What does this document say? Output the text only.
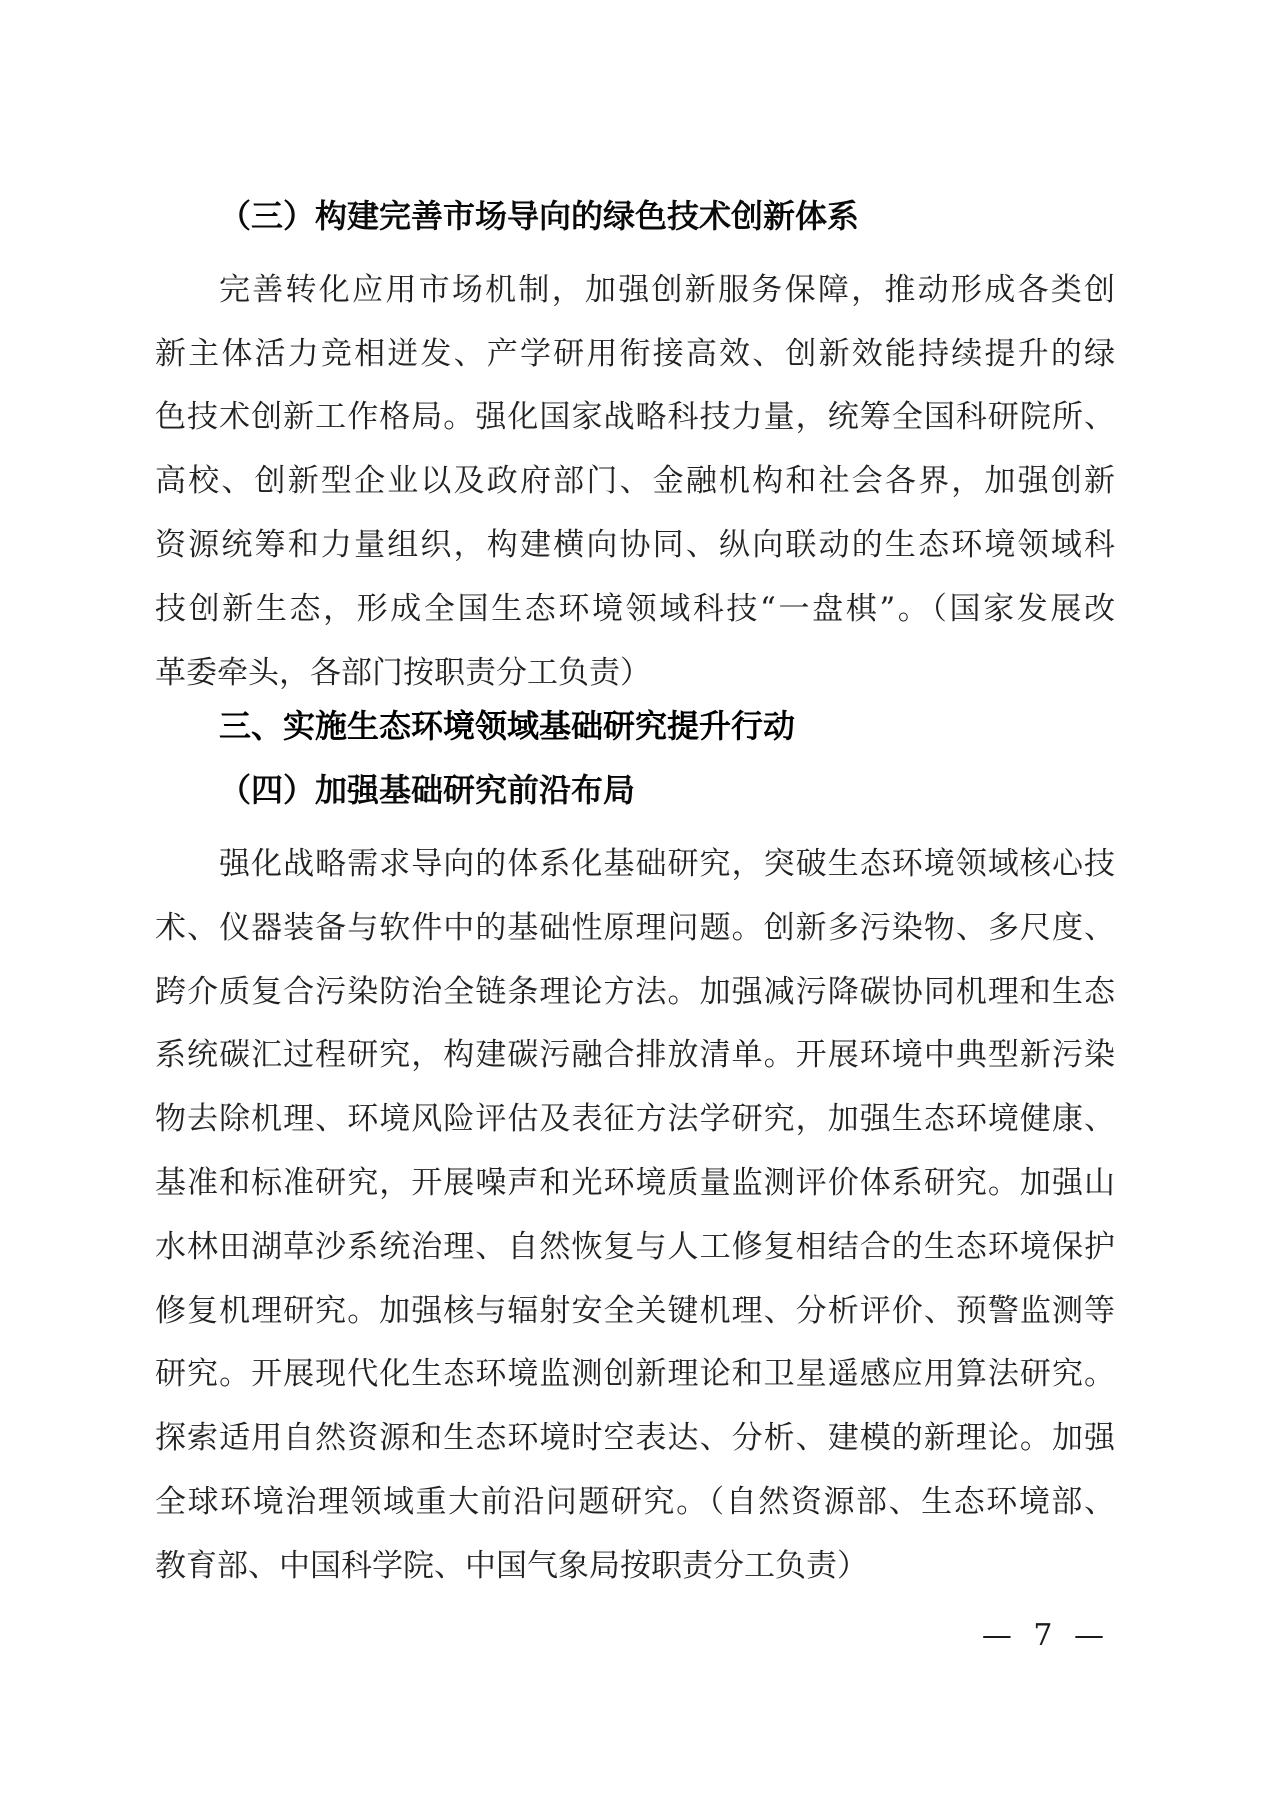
（三）构建完善市场导向的绿色技术创新体系
完善转化应用市场机制，加强创新服务保障，推动形成各类创
新主体活力竞相迸发、产学研用衔接高效、创新效能持续提升的绿
色技术创新工作格局。强化国家战略科技力量，统筹全国科研院所、
高校、创新型企业以及政府部门、金融机构和社会各界，加强创新
资源统筹和力量组织，构建横向协同、纵向联动的生态环境领域科
技创新生态，形成全国生态环境领域科技“一盘棋”。（国家发展改
革委牵头，各部门按职责分工负责）
三、实施生态环境领域基础研究提升行动
（四）加强基础研究前沿布局
强化战略需求导向的体系化基础研究，突破生态环境领域核心技
术、仪器装备与软件中的基础性原理问题。创新多污染物、多尺度、
跨介质复合污染防治全链条理论方法。加强减污降碳协同机理和生态
系统碳汇过程研究，构建碳污融合排放清单。开展环境中典型新污染
物去除机理、环境风险评估及表征方法学研究，加强生态环境健康、
基准和标准研究，开展噪声和光环境质量监测评价体系研究。加强山
水林田湖草沙系统治理、自然恢复与人工修复相结合的生态环境保护
修复机理研究。加强核与辐射安全关键机理、分析评价、预警监测等
研究。开展现代化生态环境监测创新理论和卫星遥感应用算法研究。
探索适用自然资源和生态环境时空表达、分析、建模的新理论。加强
全球环境治理领域重大前沿问题研究。（自然资源部、生态环境部、
教育部、中国科学院、中国气象局按职责分工负责）
— 7 —
